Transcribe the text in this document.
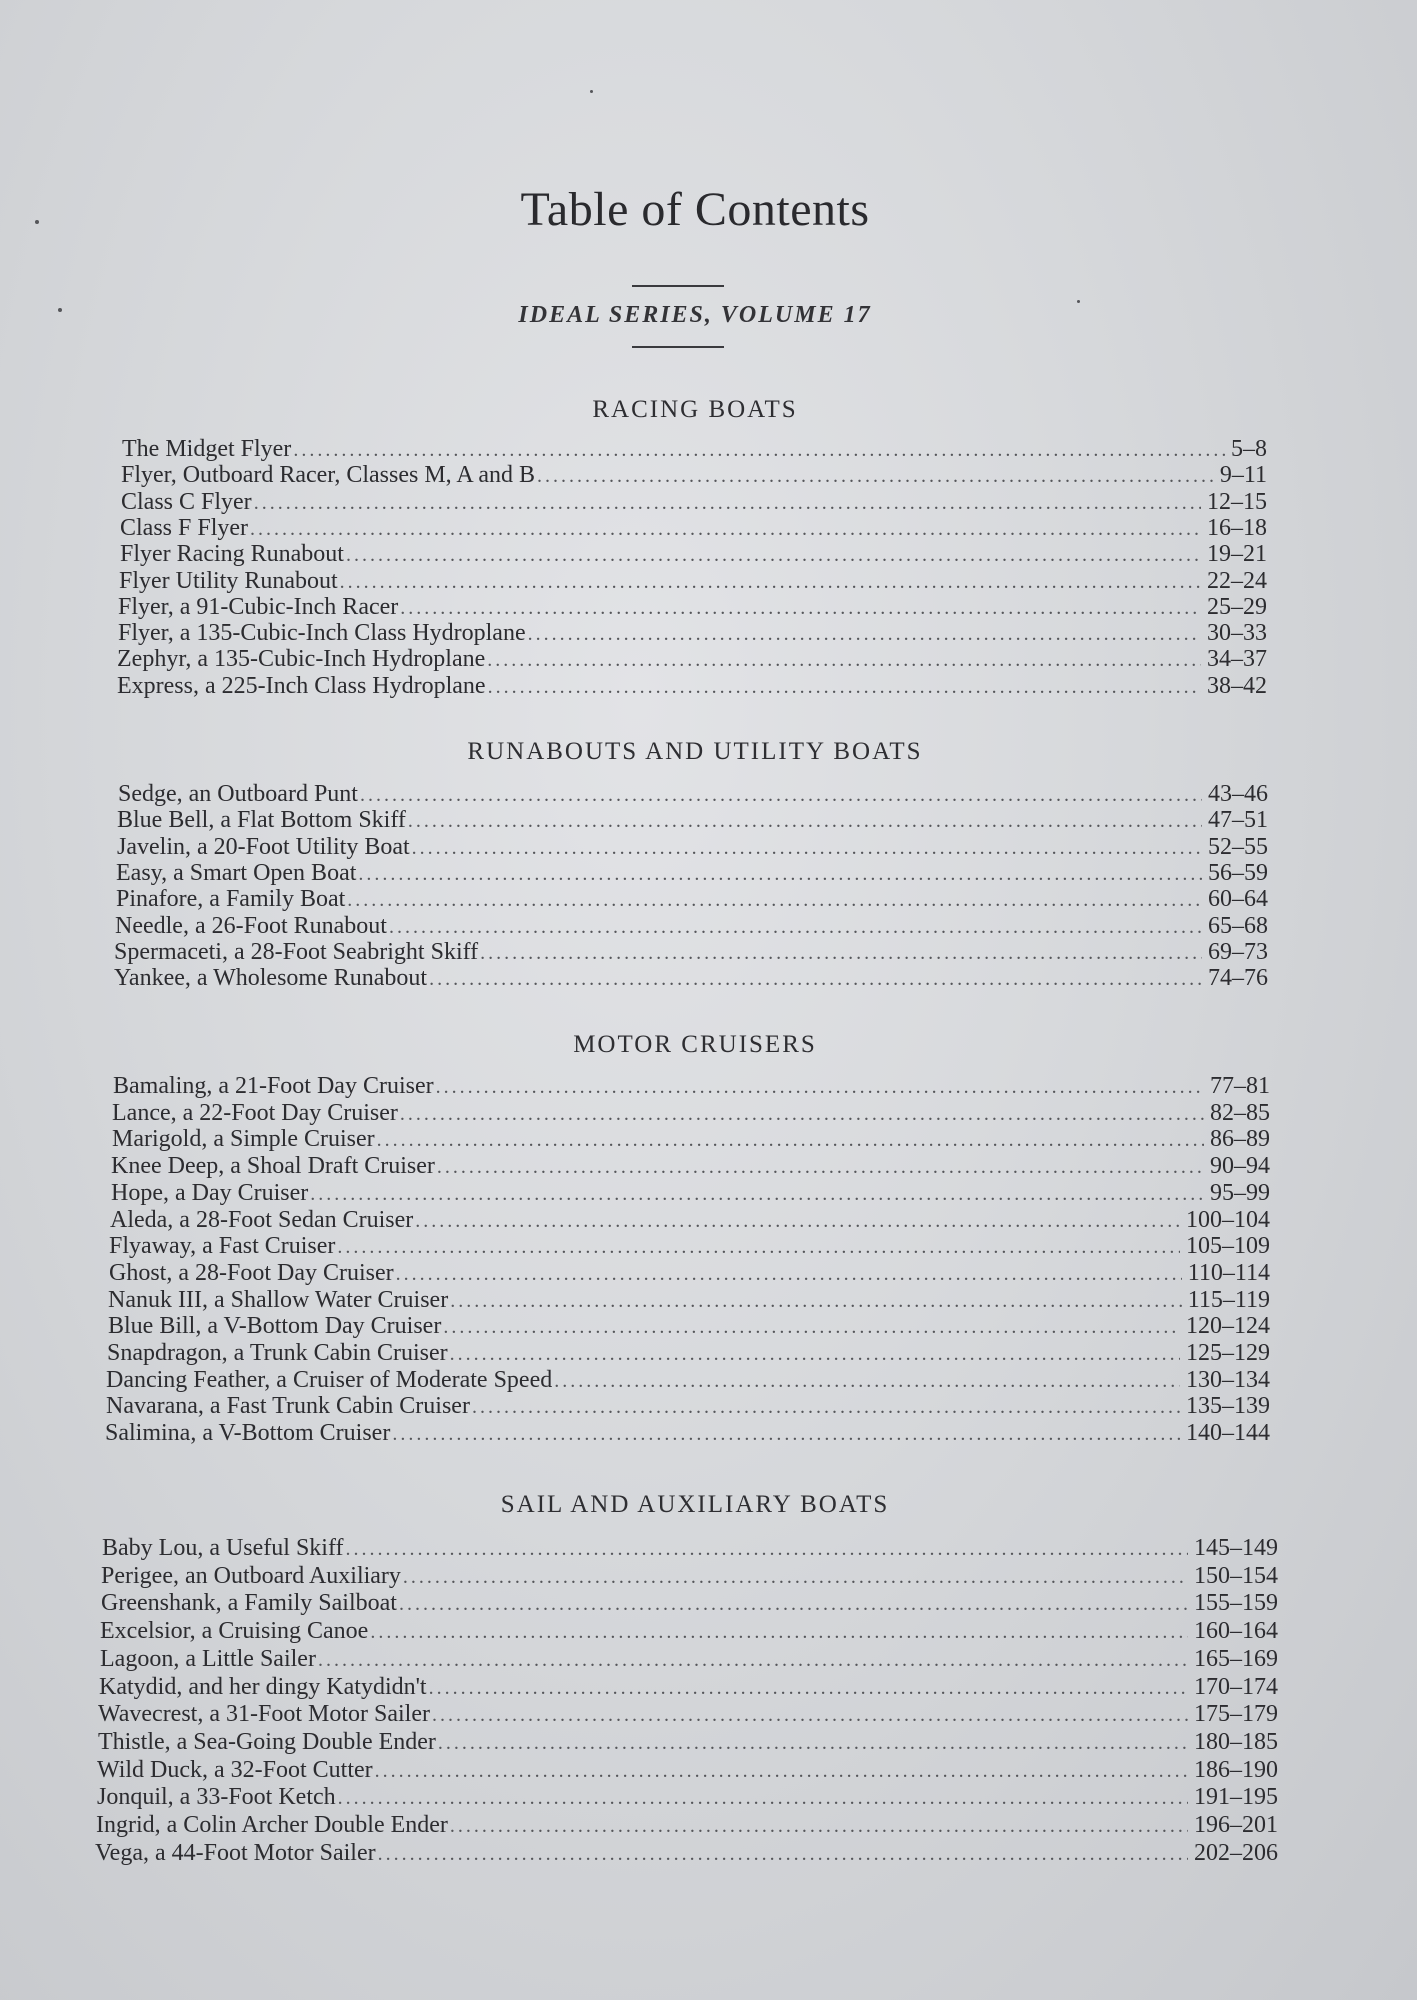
Table of Contents
IDEAL SERIES, VOLUME 17
RACING BOATS
The Midget Flyer .....	5–8
Flyer, Outboard Racer, Classes M, A and B .....	9–11
Class C Flyer .....	12–15
Class F Flyer .....	16–18
Flyer Racing Runabout .....	19–21
Flyer Utility Runabout .....	22–24
Flyer, a 91-Cubic-Inch Racer .....	25–29
Flyer, a 135-Cubic-Inch Class Hydroplane .....	30–33
Zephyr, a 135-Cubic-Inch Hydroplane .....	34–37
Express, a 225-Inch Class Hydroplane .....	38–42
RUNABOUTS AND UTILITY BOATS
Sedge, an Outboard Punt .....	43–46
Blue Bell, a Flat Bottom Skiff .....	47–51
Javelin, a 20-Foot Utility Boat .....	52–55
Easy, a Smart Open Boat .....	56–59
Pinafore, a Family Boat .....	60–64
Needle, a 26-Foot Runabout .....	65–68
Spermaceti, a 28-Foot Seabright Skiff .....	69–73
Yankee, a Wholesome Runabout .....	74–76
MOTOR CRUISERS
Bamaling, a 21-Foot Day Cruiser .....	77–81
Lance, a 22-Foot Day Cruiser .....	82–85
Marigold, a Simple Cruiser .....	86–89
Knee Deep, a Shoal Draft Cruiser .....	90–94
Hope, a Day Cruiser .....	95–99
Aleda, a 28-Foot Sedan Cruiser .....	100–104
Flyaway, a Fast Cruiser .....	105–109
Ghost, a 28-Foot Day Cruiser .....	110–114
Nanuk III, a Shallow Water Cruiser .....	115–119
Blue Bill, a V-Bottom Day Cruiser .....	120–124
Snapdragon, a Trunk Cabin Cruiser .....	125–129
Dancing Feather, a Cruiser of Moderate Speed .....	130–134
Navarana, a Fast Trunk Cabin Cruiser .....	135–139
Salimina, a V-Bottom Cruiser .....	140–144
SAIL AND AUXILIARY BOATS
Baby Lou, a Useful Skiff .....	145–149
Perigee, an Outboard Auxiliary .....	150–154
Greenshank, a Family Sailboat .....	155–159
Excelsior, a Cruising Canoe .....	160–164
Lagoon, a Little Sailer .....	165–169
Katydid, and her dingy Katydidn't .....	170–174
Wavecrest, a 31-Foot Motor Sailer .....	175–179
Thistle, a Sea-Going Double Ender .....	180–185
Wild Duck, a 32-Foot Cutter .....	186–190
Jonquil, a 33-Foot Ketch .....	191–195
Ingrid, a Colin Archer Double Ender .....	196–201
Vega, a 44-Foot Motor Sailer .....	202–206
